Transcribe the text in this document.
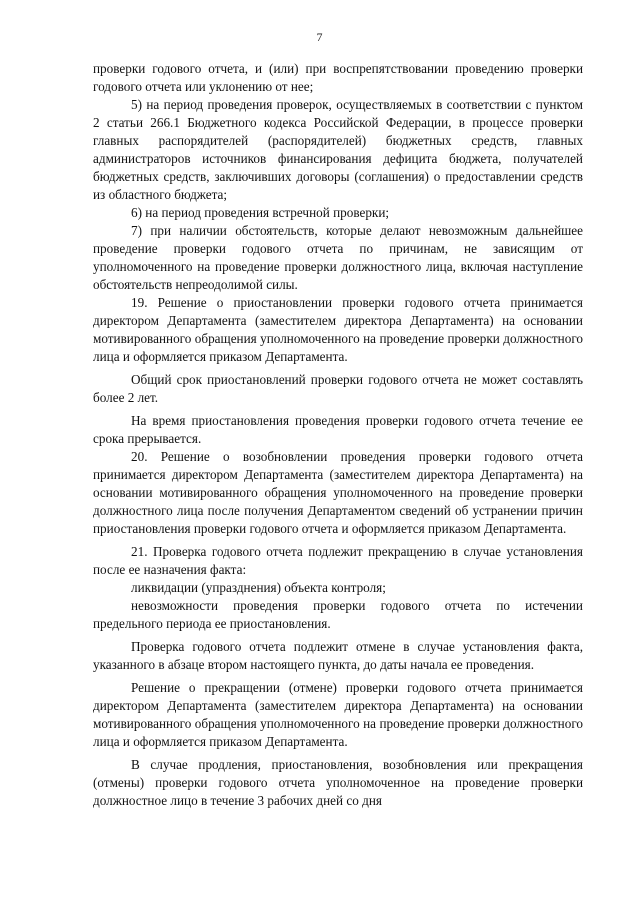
7

проверки годового отчета, и (или) при воспрепятствовании проведению проверки годового отчета или уклонению от нее;

5) на период проведения проверок, осуществляемых в соответствии с пунктом 2 статьи 266.1 Бюджетного кодекса Российской Федерации, в процессе проверки главных распорядителей (распорядителей) бюджетных средств, главных администраторов источников финансирования дефицита бюджета, получателей бюджетных средств, заключивших договоры (соглашения) о предоставлении средств из областного бюджета;

6) на период проведения встречной проверки;

7) при наличии обстоятельств, которые делают невозможным дальнейшее проведение проверки годового отчета по причинам, не зависящим от уполномоченного на проведение проверки должностного лица, включая наступление обстоятельств непреодолимой силы.

19. Решение о приостановлении проверки годового отчета принимается директором Департамента (заместителем директора Департамента) на основании мотивированного обращения уполномоченного на проведение проверки должностного лица и оформляется приказом Департамента.

Общий срок приостановлений проверки годового отчета не может составлять более 2 лет.

На время приостановления проведения проверки годового отчета течение ее срока прерывается.

20. Решение о возобновлении проведения проверки годового отчета принимается директором Департамента (заместителем директора Департамента) на основании мотивированного обращения уполномоченного на проведение проверки должностного лица после получения Департаментом сведений об устранении причин приостановления проверки годового отчета и оформляется приказом Департамента.

21. Проверка годового отчета подлежит прекращению в случае установления после ее назначения факта:

ликвидации (упразднения) объекта контроля;

невозможности проведения проверки годового отчета по истечении предельного периода ее приостановления.

Проверка годового отчета подлежит отмене в случае установления факта, указанного в абзаце втором настоящего пункта, до даты начала ее проведения.

Решение о прекращении (отмене) проверки годового отчета принимается директором Департамента (заместителем директора Департамента) на основании мотивированного обращения уполномоченного на проведение проверки должностного лица и оформляется приказом Департамента.

В случае продления, приостановления, возобновления или прекращения (отмены) проверки годового отчета уполномоченное на проведение проверки должностное лицо в течение 3 рабочих дней со дня
